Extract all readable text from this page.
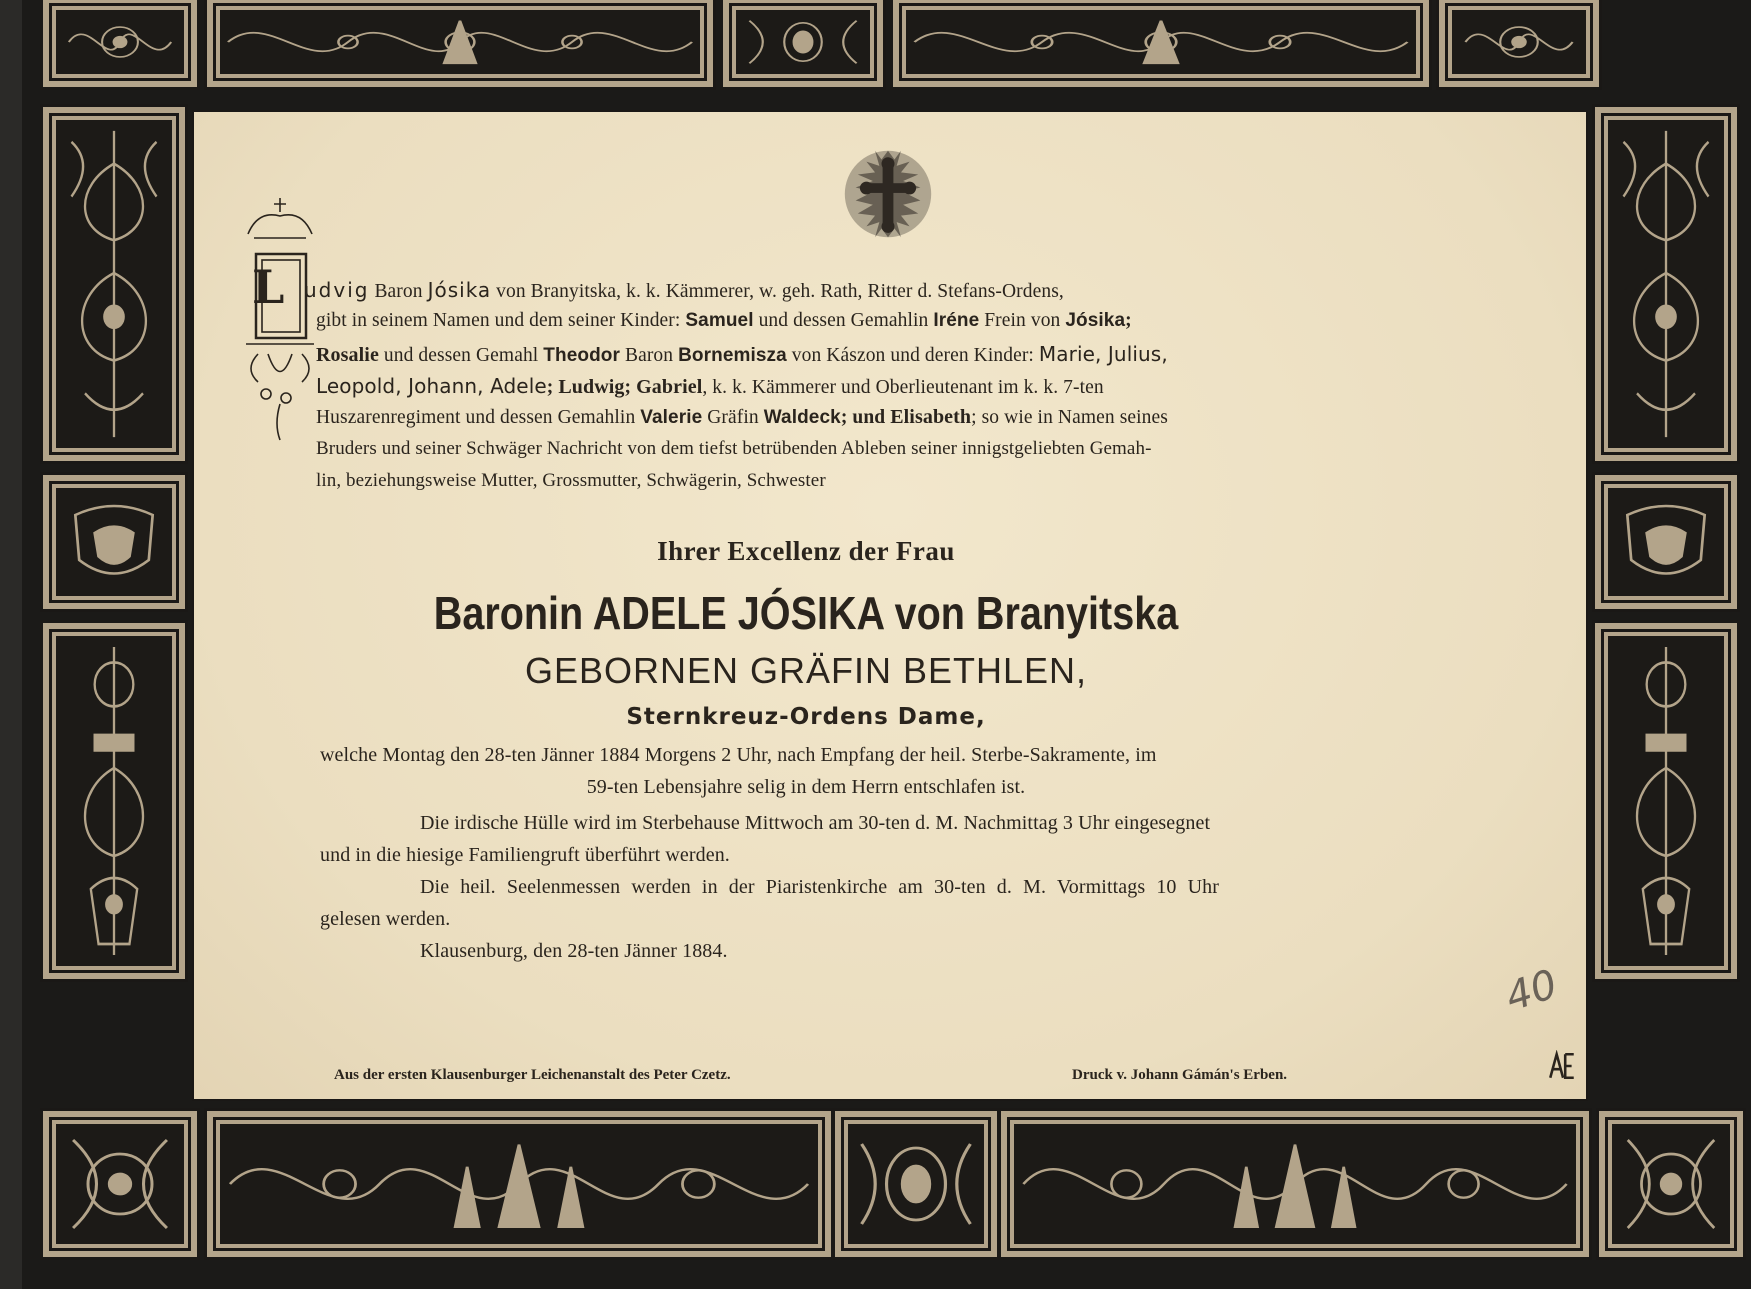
L udvig Baron Jósika von Branyitska, k. k. Kämmerer, w. geh. Rath, Ritter d. Stefans-Ordens,
gibt in seinem Namen und dem seiner Kinder: Samuel und dessen Gemahlin Iréne Frein von Jósika;
Rosalie und dessen Gemahl Theodor Baron Bornemisza von Kászon und deren Kinder: Marie, Julius,
Leopold, Johann, Adele; Ludwig; Gabriel, k. k. Kämmerer und Oberlieutenant im k. k. 7-ten
Huszarenregiment und dessen Gemahlin Valerie Gräfin Waldeck; und Elisabeth; so wie in Namen seines
Bruders und seiner Schwäger Nachricht von dem tiefst betrübenden Ableben seiner innigstgeliebten Gemah-
lin, beziehungsweise Mutter, Grossmutter, Schwägerin, Schwester
Ihrer Excellenz der Frau
Baronin ADELE JÓSIKA von Branyitska
GEBORNEN GRÄFIN BETHLEN,
Sternkreuz-Ordens Dame,
welche Montag den 28-ten Jänner 1884 Morgens 2 Uhr, nach Empfang der heil. Sterbe-Sakramente, im
59-ten Lebensjahre selig in dem Herrn entschlafen ist.
Die irdische Hülle wird im Sterbehause Mittwoch am 30-ten d. M. Nachmittag 3 Uhr eingesegnet
und in die hiesige Familiengruft überführt werden.
Die heil. Seelenmessen werden in der Piaristenkirche am 30-ten d. M. Vormittags 10 Uhr
gelesen werden.
Klausenburg, den 28-ten Jänner 1884.
40
Aus der ersten Klausenburger Leichenanstalt des Peter Czetz.	Druck v. Johann Gámán's Erben.
